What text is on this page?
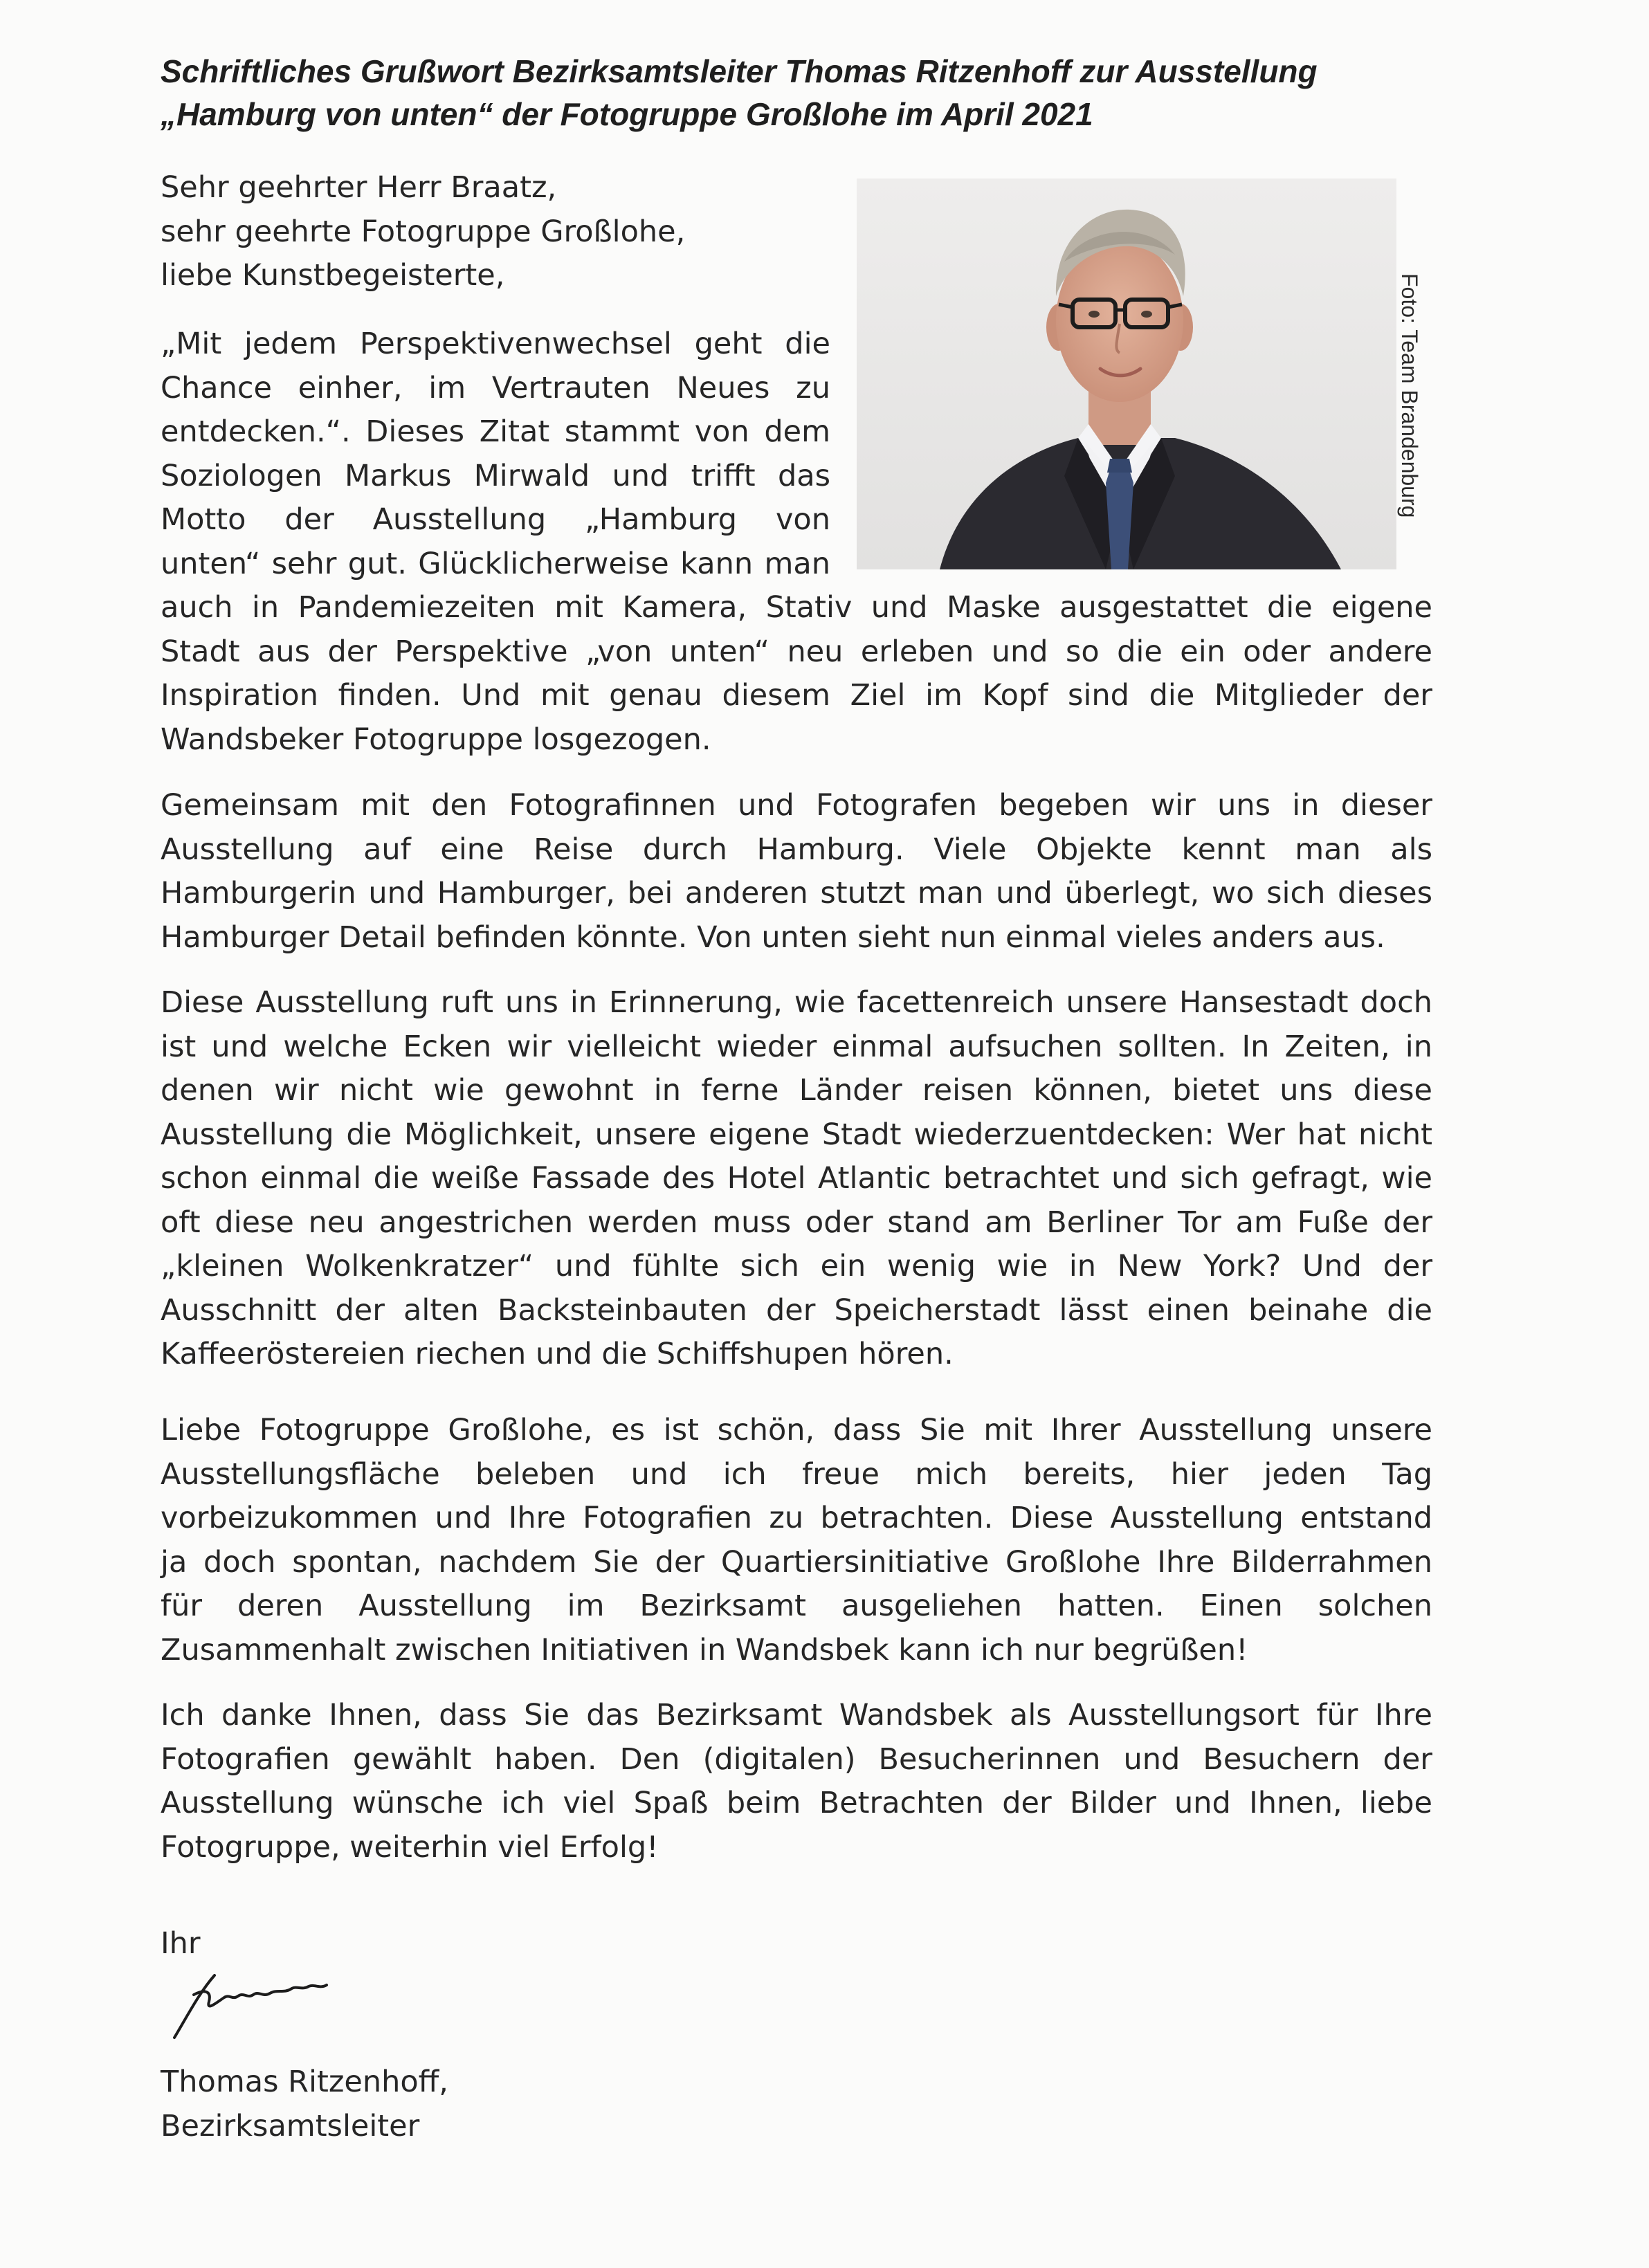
Schriftliches Grußwort Bezirksamtsleiter Thomas Ritzenhoff zur Ausstellung
„Hamburg von unten“ der Fotogruppe Großlohe im April 2021

Sehr geehrter Herr Braatz,
sehr geehrte Fotogruppe Großlohe,
liebe Kunstbegeisterte,	Foto: Team Brandenburg
„Mit jedem Perspektivenwechsel geht die
Chance einher, im Vertrauten Neues zu
entdecken.“. Dieses Zitat stammt von dem
Soziologen Markus Mirwald und trifft das
Motto der Ausstellung „Hamburg von
unten“ sehr gut. Glücklicherweise kann man
auch in Pandemiezeiten mit Kamera, Stativ und Maske ausgestattet die eigene
Stadt aus der Perspektive „von unten“ neu erleben und so die ein oder andere
Inspiration finden. Und mit genau diesem Ziel im Kopf sind die Mitglieder der
Wandsbeker Fotogruppe losgezogen.
Gemeinsam mit den Fotografinnen und Fotografen begeben wir uns in dieser
Ausstellung auf eine Reise durch Hamburg. Viele Objekte kennt man als
Hamburgerin und Hamburger, bei anderen stutzt man und überlegt, wo sich dieses
Hamburger Detail befinden könnte. Von unten sieht nun einmal vieles anders aus.
Diese Ausstellung ruft uns in Erinnerung, wie facettenreich unsere Hansestadt doch
ist und welche Ecken wir vielleicht wieder einmal aufsuchen sollten. In Zeiten, in
denen wir nicht wie gewohnt in ferne Länder reisen können, bietet uns diese
Ausstellung die Möglichkeit, unsere eigene Stadt wiederzuentdecken: Wer hat nicht
schon einmal die weiße Fassade des Hotel Atlantic betrachtet und sich gefragt, wie
oft diese neu angestrichen werden muss oder stand am Berliner Tor am Fuße der
„kleinen Wolkenkratzer“ und fühlte sich ein wenig wie in New York? Und der
Ausschnitt der alten Backsteinbauten der Speicherstadt lässt einen beinahe die
Kaffeeröstereien riechen und die Schiffshupen hören.
Liebe Fotogruppe Großlohe, es ist schön, dass Sie mit Ihrer Ausstellung unsere
Ausstellungsfläche beleben und ich freue mich bereits, hier jeden Tag
vorbeizukommen und Ihre Fotografien zu betrachten. Diese Ausstellung entstand
ja doch spontan, nachdem Sie der Quartiersinitiative Großlohe Ihre Bilderrahmen
für deren Ausstellung im Bezirksamt ausgeliehen hatten. Einen solchen
Zusammenhalt zwischen Initiativen in Wandsbek kann ich nur begrüßen!
Ich danke Ihnen, dass Sie das Bezirksamt Wandsbek als Ausstellungsort für Ihre
Fotografien gewählt haben. Den (digitalen) Besucherinnen und Besuchern der
Ausstellung wünsche ich viel Spaß beim Betrachten der Bilder und Ihnen, liebe
Fotogruppe, weiterhin viel Erfolg!

Ihr

Thomas Ritzenhoff,
Bezirksamtsleiter
